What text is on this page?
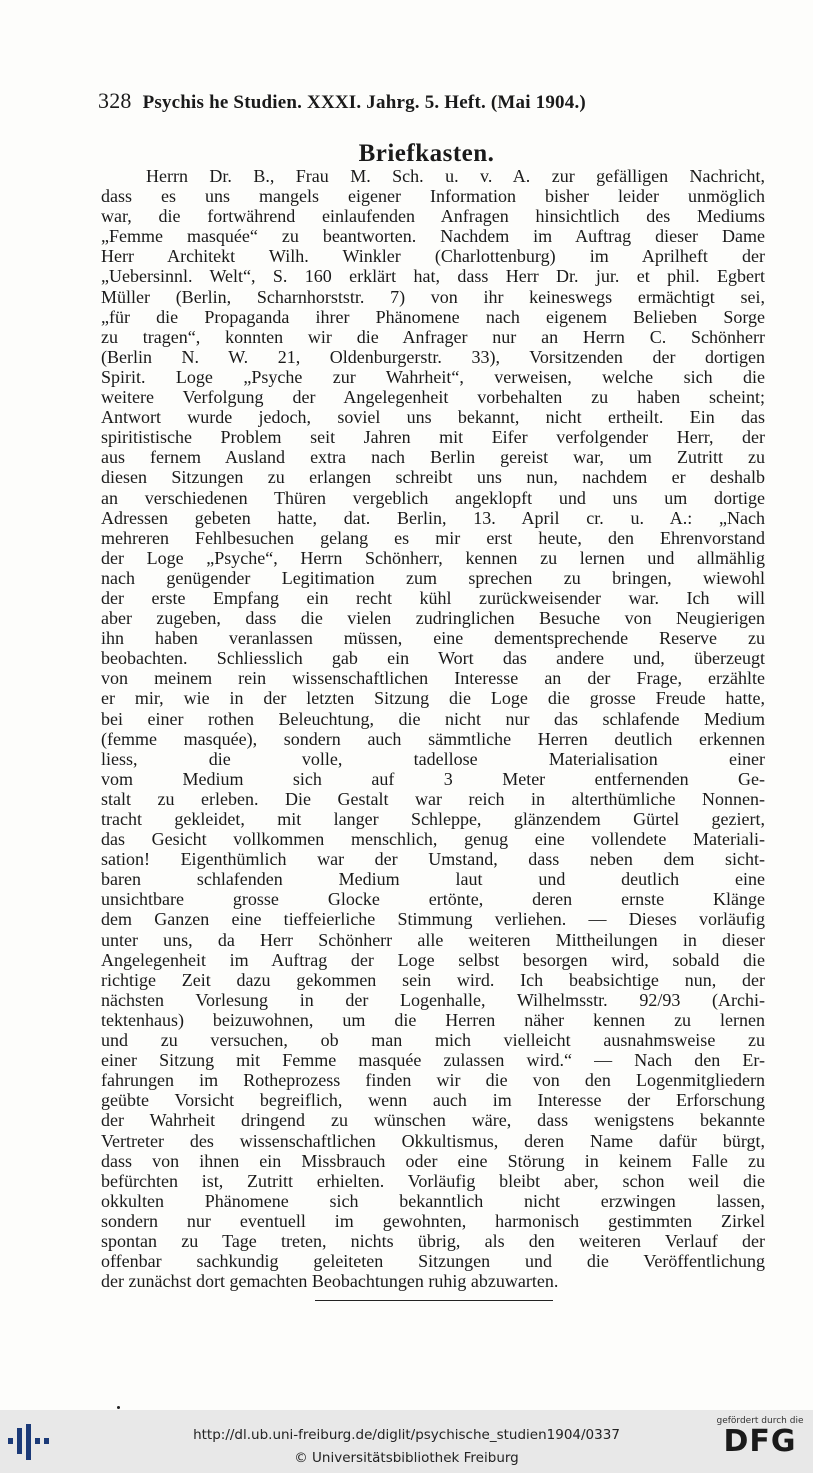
328 Psychis he Studien. XXXI. Jahrg. 5. Heft. (Mai 1904.)
Briefkasten.
Herrn Dr. B., Frau M. Sch. u. v. A. zur gefälligen Nachricht,
dass es uns mangels eigener Information bisher leider unmöglich
war, die fortwährend einlaufenden Anfragen hinsichtlich des Mediums
„Femme masquée“ zu beantworten. Nachdem im Auftrag dieser Dame
Herr Architekt Wilh. Winkler (Charlottenburg) im Aprilheft der
„Uebersinnl. Welt“, S. 160 erklärt hat, dass Herr Dr. jur. et phil. Egbert
Müller (Berlin, Scharnhorststr. 7) von ihr keineswegs ermächtigt sei,
„für die Propaganda ihrer Phänomene nach eigenem Belieben Sorge
zu tragen“, konnten wir die Anfrager nur an Herrn C. Schönherr
(Berlin N. W. 21, Oldenburgerstr. 33), Vorsitzenden der dortigen
Spirit. Loge „Psyche zur Wahrheit“, verweisen, welche sich die
weitere Verfolgung der Angelegenheit vorbehalten zu haben scheint;
Antwort wurde jedoch, soviel uns bekannt, nicht ertheilt. Ein das
spiritistische Problem seit Jahren mit Eifer verfolgender Herr, der
aus fernem Ausland extra nach Berlin gereist war, um Zutritt zu
diesen Sitzungen zu erlangen schreibt uns nun, nachdem er deshalb
an verschiedenen Thüren vergeblich angeklopft und uns um dortige
Adressen gebeten hatte, dat. Berlin, 13. April cr. u. A.: „Nach
mehreren Fehlbesuchen gelang es mir erst heute, den Ehrenvorstand
der Loge „Psyche“, Herrn Schönherr, kennen zu lernen und allmählig
nach genügender Legitimation zum sprechen zu bringen, wiewohl
der erste Empfang ein recht kühl zurückweisender war. Ich will
aber zugeben, dass die vielen zudringlichen Besuche von Neugierigen
ihn haben veranlassen müssen, eine dementsprechende Reserve zu
beobachten. Schliesslich gab ein Wort das andere und, überzeugt
von meinem rein wissenschaftlichen Interesse an der Frage, erzählte
er mir, wie in der letzten Sitzung die Loge die grosse Freude hatte,
bei einer rothen Beleuchtung, die nicht nur das schlafende Medium
(femme masquée), sondern auch sämmtliche Herren deutlich erkennen
liess, die volle, tadellose Materialisation einer
vom Medium sich auf 3 Meter entfernenden Ge-
stalt zu erleben. Die Gestalt war reich in alterthümliche Nonnen-
tracht gekleidet, mit langer Schleppe, glänzendem Gürtel geziert,
das Gesicht vollkommen menschlich, genug eine vollendete Materiali-
sation! Eigenthümlich war der Umstand, dass neben dem sicht-
baren schlafenden Medium laut und deutlich eine
unsichtbare grosse Glocke ertönte, deren ernste Klänge
dem Ganzen eine tieffeierliche Stimmung verliehen. — Dieses vorläufig
unter uns, da Herr Schönherr alle weiteren Mittheilungen in dieser
Angelegenheit im Auftrag der Loge selbst besorgen wird, sobald die
richtige Zeit dazu gekommen sein wird. Ich beabsichtige nun, der
nächsten Vorlesung in der Logenhalle, Wilhelmsstr. 92/93 (Archi-
tektenhaus) beizuwohnen, um die Herren näher kennen zu lernen
und zu versuchen, ob man mich vielleicht ausnahmsweise zu
einer Sitzung mit Femme masquée zulassen wird.“ — Nach den Er-
fahrungen im Rotheprozess finden wir die von den Logenmitgliedern
geübte Vorsicht begreiflich, wenn auch im Interesse der Erforschung
der Wahrheit dringend zu wünschen wäre, dass wenigstens bekannte
Vertreter des wissenschaftlichen Okkultismus, deren Name dafür bürgt,
dass von ihnen ein Missbrauch oder eine Störung in keinem Falle zu
befürchten ist, Zutritt erhielten. Vorläufig bleibt aber, schon weil die
okkulten Phänomene sich bekanntlich nicht erzwingen lassen,
sondern nur eventuell im gewohnten, harmonisch gestimmten Zirkel
spontan zu Tage treten, nichts übrig, als den weiteren Verlauf der
offenbar sachkundig geleiteten Sitzungen und die Veröffentlichung
der zunächst dort gemachten Beobachtungen ruhig abzuwarten.
http://dl.ub.uni-freiburg.de/diglit/psychische_studien1904/0337
© Universitätsbibliothek Freiburg
gefördert durch die
DFG
